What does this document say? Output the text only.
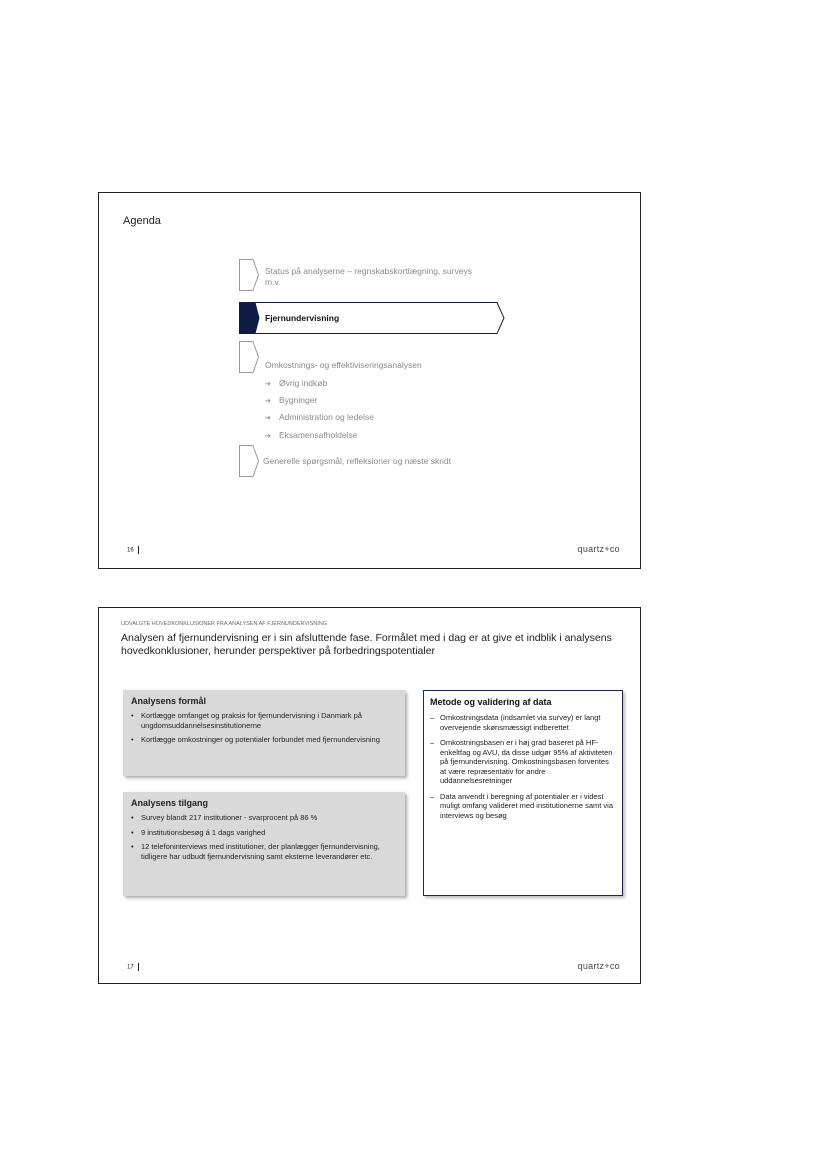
Agenda
Status på analyserne – regnskabskortlægning, surveys m.v.
Fjernundervisning
Omkostnings- og effektiviseringsanalysen
➔ Øvrig indkøb
➔ Bygninger
➔ Administration og ledelse
➔ Eksamensafholdelse
Generelle spørgsmål, refleksioner og næste skridt
16	quartz+co
UDVALGTE HOVEDKONKLUSIONER FRA ANALYSEN AF FJERNUNDERVISNING
Analysen af fjernundervisning er i sin afsluttende fase. Formålet med i dag er at give et indblik i analysens hovedkonklusioner, herunder perspektiver på forbedringspotentialer
Analysens formål
• Kortlægge omfanget og praksis for fjernundervisning i Danmark på ungdomsuddannelsesinstitutionerne
• Kortlægge omkostninger og potentialer forbundet med fjernundervisning
Analysens tilgang
• Survey blandt 217 institutioner - svarprocent på 86 %
• 9 institutionsbesøg á 1 dags varighed
• 12 telefoninterviews med institutioner, der planlægger fjernundervisning, tidligere har udbudt fjernundervisning samt eksterne leverandører etc.
Metode og validering af data
– Omkostningsdata (indsamlet via survey) er langt overvejende skønsmæssigt indberettet
– Omkostningsbasen er i høj grad baseret på HF-enkeltfag og AVU, da disse udgør 95% af aktiviteten på fjernundervisning. Omkostningsbasen forventes at være repræsentativ for andre uddannelsesretninger
– Data anvendt i beregning af potentialer er i videst muligt omfang valideret med institutionerne samt via interviews og besøg
17	quartz+co
